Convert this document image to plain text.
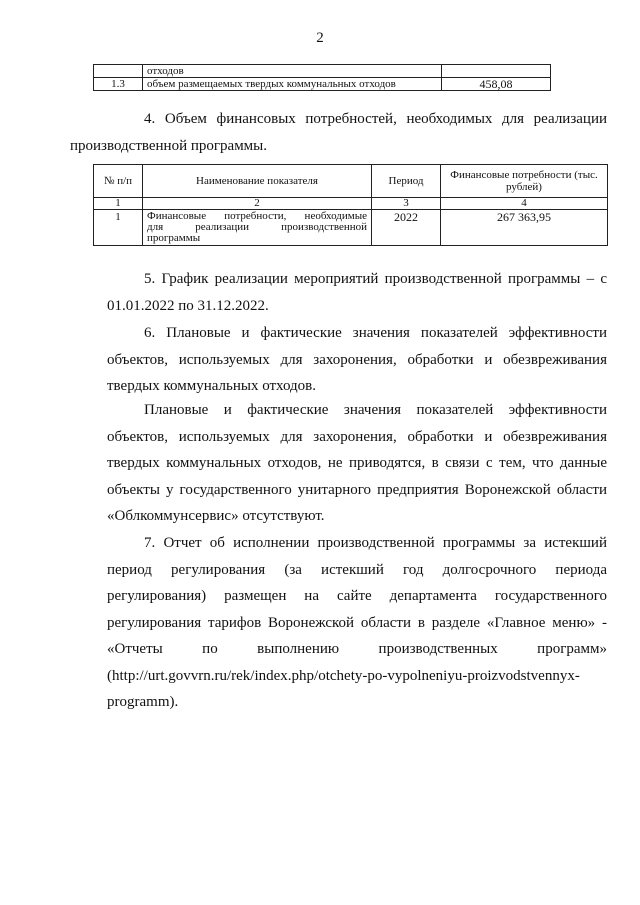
2
	отходов	
1.3	объем размещаемых твердых коммунальных отходов	458,08
4. Объем финансовых потребностей, необходимых для реализации
производственной программы.
№ п/п	Наименование показателя	Период	Финансовые потребности (тыс. рублей)
1	2	3	4
1	Финансовые потребности, необходимые
для реализации производственной
программы	2022	267 363,95
5. График реализации мероприятий производственной программы – с
01.01.2022 по 31.12.2022.
6. Плановые и фактические значения показателей эффективности
объектов, используемых для захоронения, обработки и обезвреживания
твердых коммунальных отходов.
Плановые и фактические значения показателей эффективности
объектов, используемых для захоронения, обработки и обезвреживания
твердых коммунальных отходов, не приводятся, в связи с тем, что данные
объекты у государственного унитарного предприятия Воронежской области
«Облкоммунсервис» отсутствуют.
7. Отчет об исполнении производственной программы за истекший
период регулирования (за истекший год долгосрочного периода
регулирования) размещен на сайте департамента государственного
регулирования тарифов Воронежской области в разделе «Главное меню» -
«Отчеты по выполнению производственных программ»
(http://urt.govvrn.ru/rek/index.php/otchety-po-vypolneniyu-proizvodstvennyx-
programm).
